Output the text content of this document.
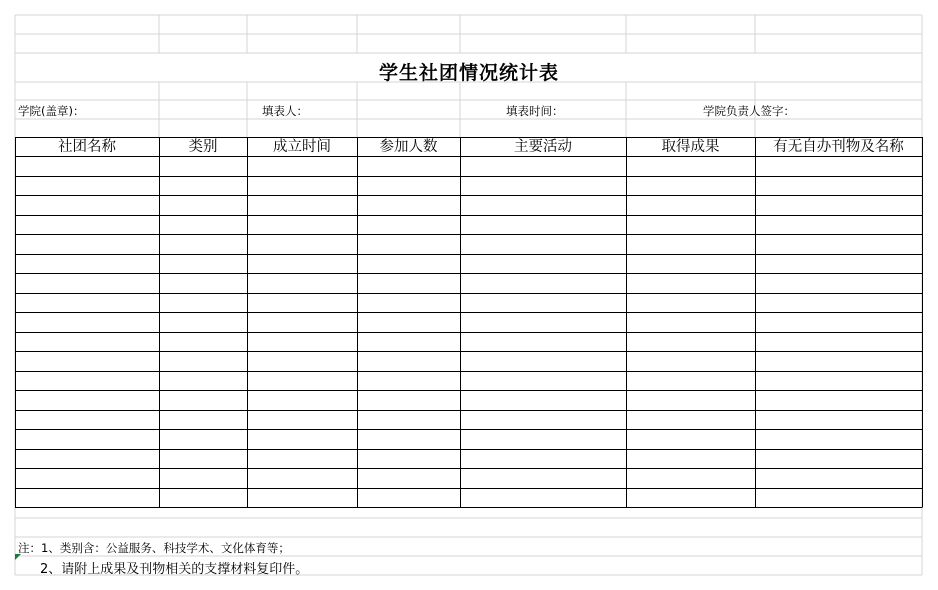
学生社团情况统计表
学院(盖章)：	填表人：	填表时间：	学院负责人签字：
社团名称	类别	成立时间	参加人数	主要活动	取得成果	有无自办刊物及名称
注：1、类别含：公益服务、科技学术、文化体育等；
2、请附上成果及刊物相关的支撑材料复印件。
